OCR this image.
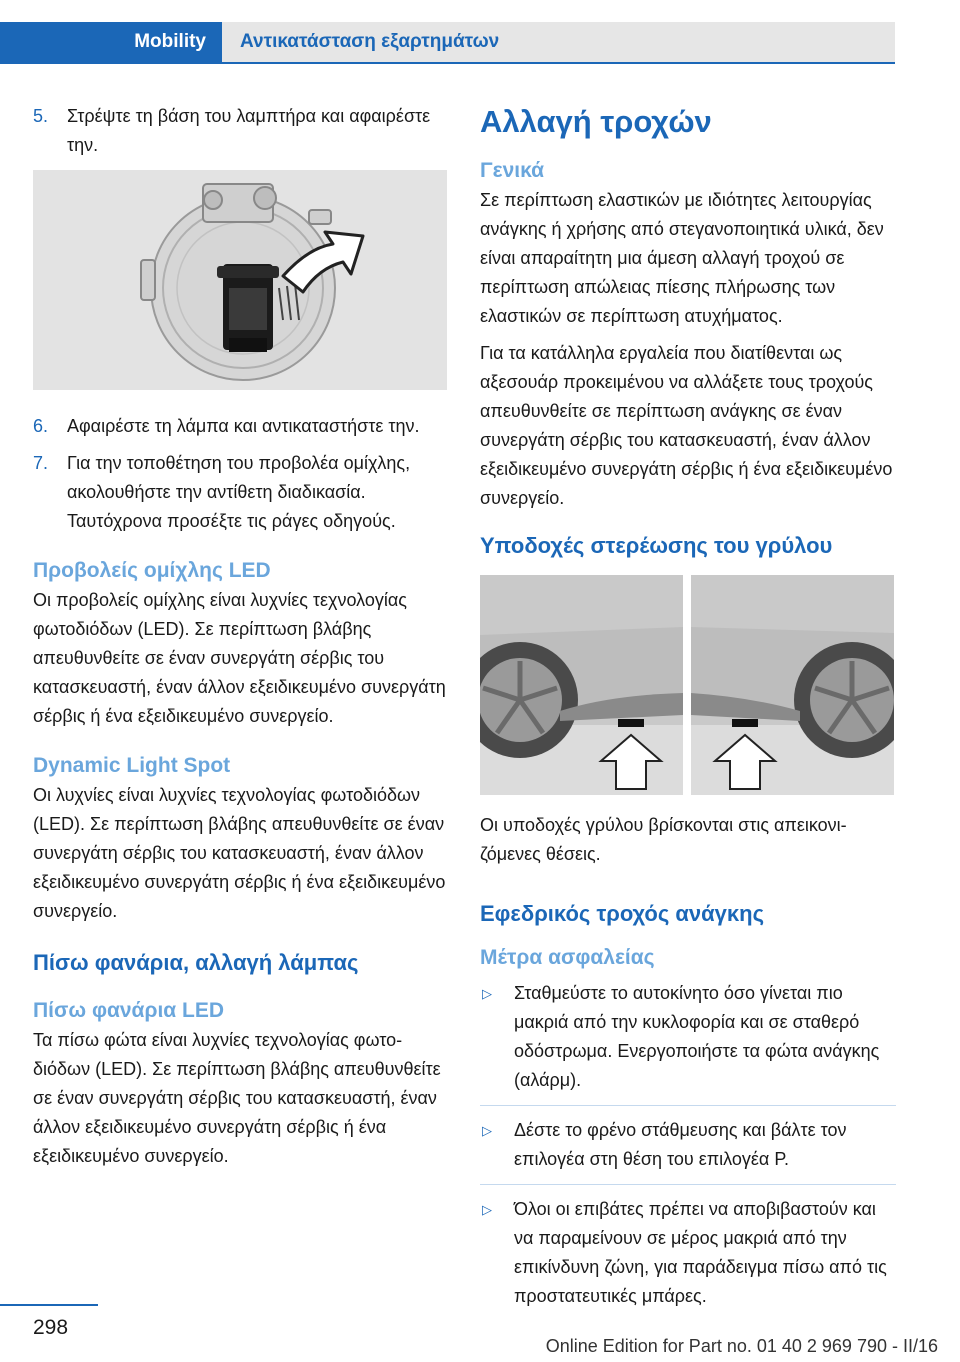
Mobility	Αντικατάσταση εξαρτημάτων
5.	Στρέψτε τη βάση του λαμπτήρα και αφαιρέστε την.
6.	Αφαιρέστε τη λάμπα και αντικαταστήστε την.
7.	Για την τοποθέτηση του προβολέα ομίχλης, ακολουθήστε την αντίθετη διαδικασία. Ταυτόχρονα προσέξτε τις ράγες οδηγούς.
Προβολείς ομίχλης LED

Οι προβολείς ομίχλης είναι λυχνίες τεχνολογίας φωτοδιόδων (LED). Σε περίπτωση βλάβης απευθυνθείτε σε έναν συνεργάτη σέρβις του κατασκευαστή, έναν άλλον εξειδικευμένο συνεργάτη σέρβις ή ένα εξειδικευμένο συνεργείο.

Dynamic Light Spot

Οι λυχνίες είναι λυχνίες τεχνολογίας φωτοδιόδων (LED). Σε περίπτωση βλάβης απευθυνθείτε σε έναν συνεργάτη σέρβις του κατασκευαστή, έναν άλλον εξειδικευμένο συνεργάτη σέρβις ή ένα εξειδικευμένο συνεργείο.

Πίσω φανάρια, αλλαγή λάμπας
Πίσω φανάρια LED

Τα πίσω φώτα είναι λυχνίες τεχνολογίας φωτοδιόδων (LED). Σε περίπτωση βλάβης απευθυνθείτε σε έναν συνεργάτη σέρβις του κατασκευαστή, έναν άλλον εξειδικευμένο συνεργάτη σέρβις ή ένα εξειδικευμένο συνεργείο.

Αλλαγή τροχών
Γενικά

Σε περίπτωση ελαστικών με ιδιότητες λειτουργίας ανάγκης ή χρήσης από στεγανοποιητικά υλικά, δεν είναι απαραίτητη μια άμεση αλλαγή τροχού σε περίπτωση απώλειας πίεσης πλήρωσης των ελαστικών σε περίπτωση ατυχήματος.

Για τα κατάλληλα εργαλεία που διατίθενται ως αξεσουάρ προκειμένου να αλλάξετε τους τροχούς απευθυνθείτε σε περίπτωση ανάγκης σε έναν συνεργάτη σέρβις του κατασκευαστή, έναν άλλον εξειδικευμένο συνεργάτη σέρβις ή ένα εξειδικευμένο συνεργείο.

Υποδοχές στερέωσης του γρύλου

Οι υποδοχές γρύλου βρίσκονται στις απεικονιζόμενες θέσεις.

Εφεδρικός τροχός ανάγκης
Μέτρα ασφαλείας
▷	Σταθμεύστε το αυτοκίνητο όσο γίνεται πιο μακριά από την κυκλοφορία και σε σταθερό οδόστρωμα. Ενεργοποιήστε τα φώτα ανάγκης (αλάρμ).
▷	Δέστε το φρένο στάθμευσης και βάλτε τον επιλογέα στη θέση του επιλογέα P.
▷	Όλοι οι επιβάτες πρέπει να αποβιβαστούν και να παραμείνουν σε μέρος μακριά από την επικίνδυνη ζώνη, για παράδειγμα πίσω από τις προστατευτικές μπάρες.
298
Online Edition for Part no. 01 40 2 969 790 - II/16
